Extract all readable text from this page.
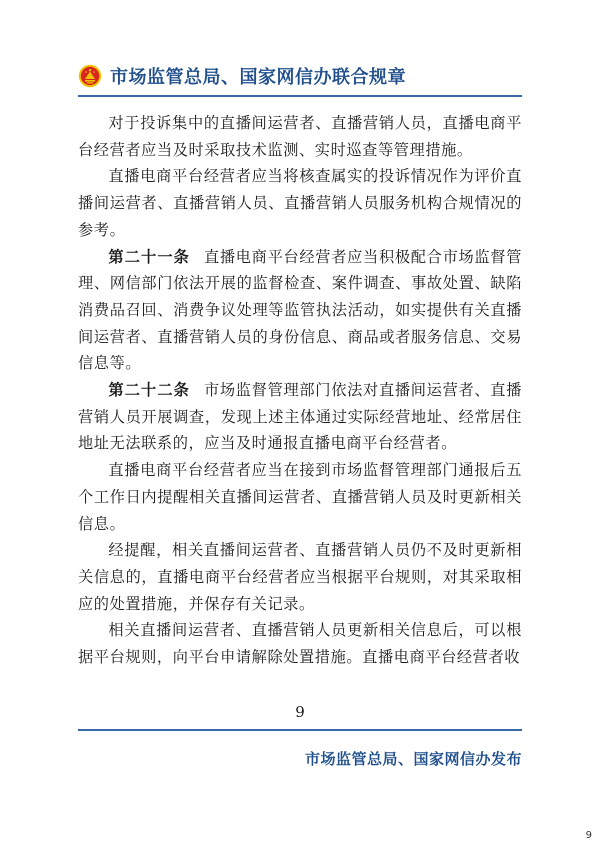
市场监管总局、国家网信办联合规章

对于投诉集中的直播间运营者、直播营销人员，直播电商平台经营者应当及时采取技术监测、实时巡查等管理措施。

直播电商平台经营者应当将核查属实的投诉情况作为评价直播间运营者、直播营销人员、直播营销人员服务机构合规情况的参考。

第二十一条 直播电商平台经营者应当积极配合市场监督管理、网信部门依法开展的监督检查、案件调查、事故处置、缺陷消费品召回、消费争议处理等监管执法活动，如实提供有关直播间运营者、直播营销人员的身份信息、商品或者服务信息、交易信息等。

第二十二条 市场监督管理部门依法对直播间运营者、直播营销人员开展调查，发现上述主体通过实际经营地址、经常居住地址无法联系的，应当及时通报直播电商平台经营者。

直播电商平台经营者应当在接到市场监督管理部门通报后五个工作日内提醒相关直播间运营者、直播营销人员及时更新相关信息。

经提醒，相关直播间运营者、直播营销人员仍不及时更新相关信息的，直播电商平台经营者应当根据平台规则，对其采取相应的处置措施，并保存有关记录。

相关直播间运营者、直播营销人员更新相关信息后，可以根据平台规则，向平台申请解除处置措施。直播电商平台经营者收

9
市场监管总局、国家网信办发布
9
